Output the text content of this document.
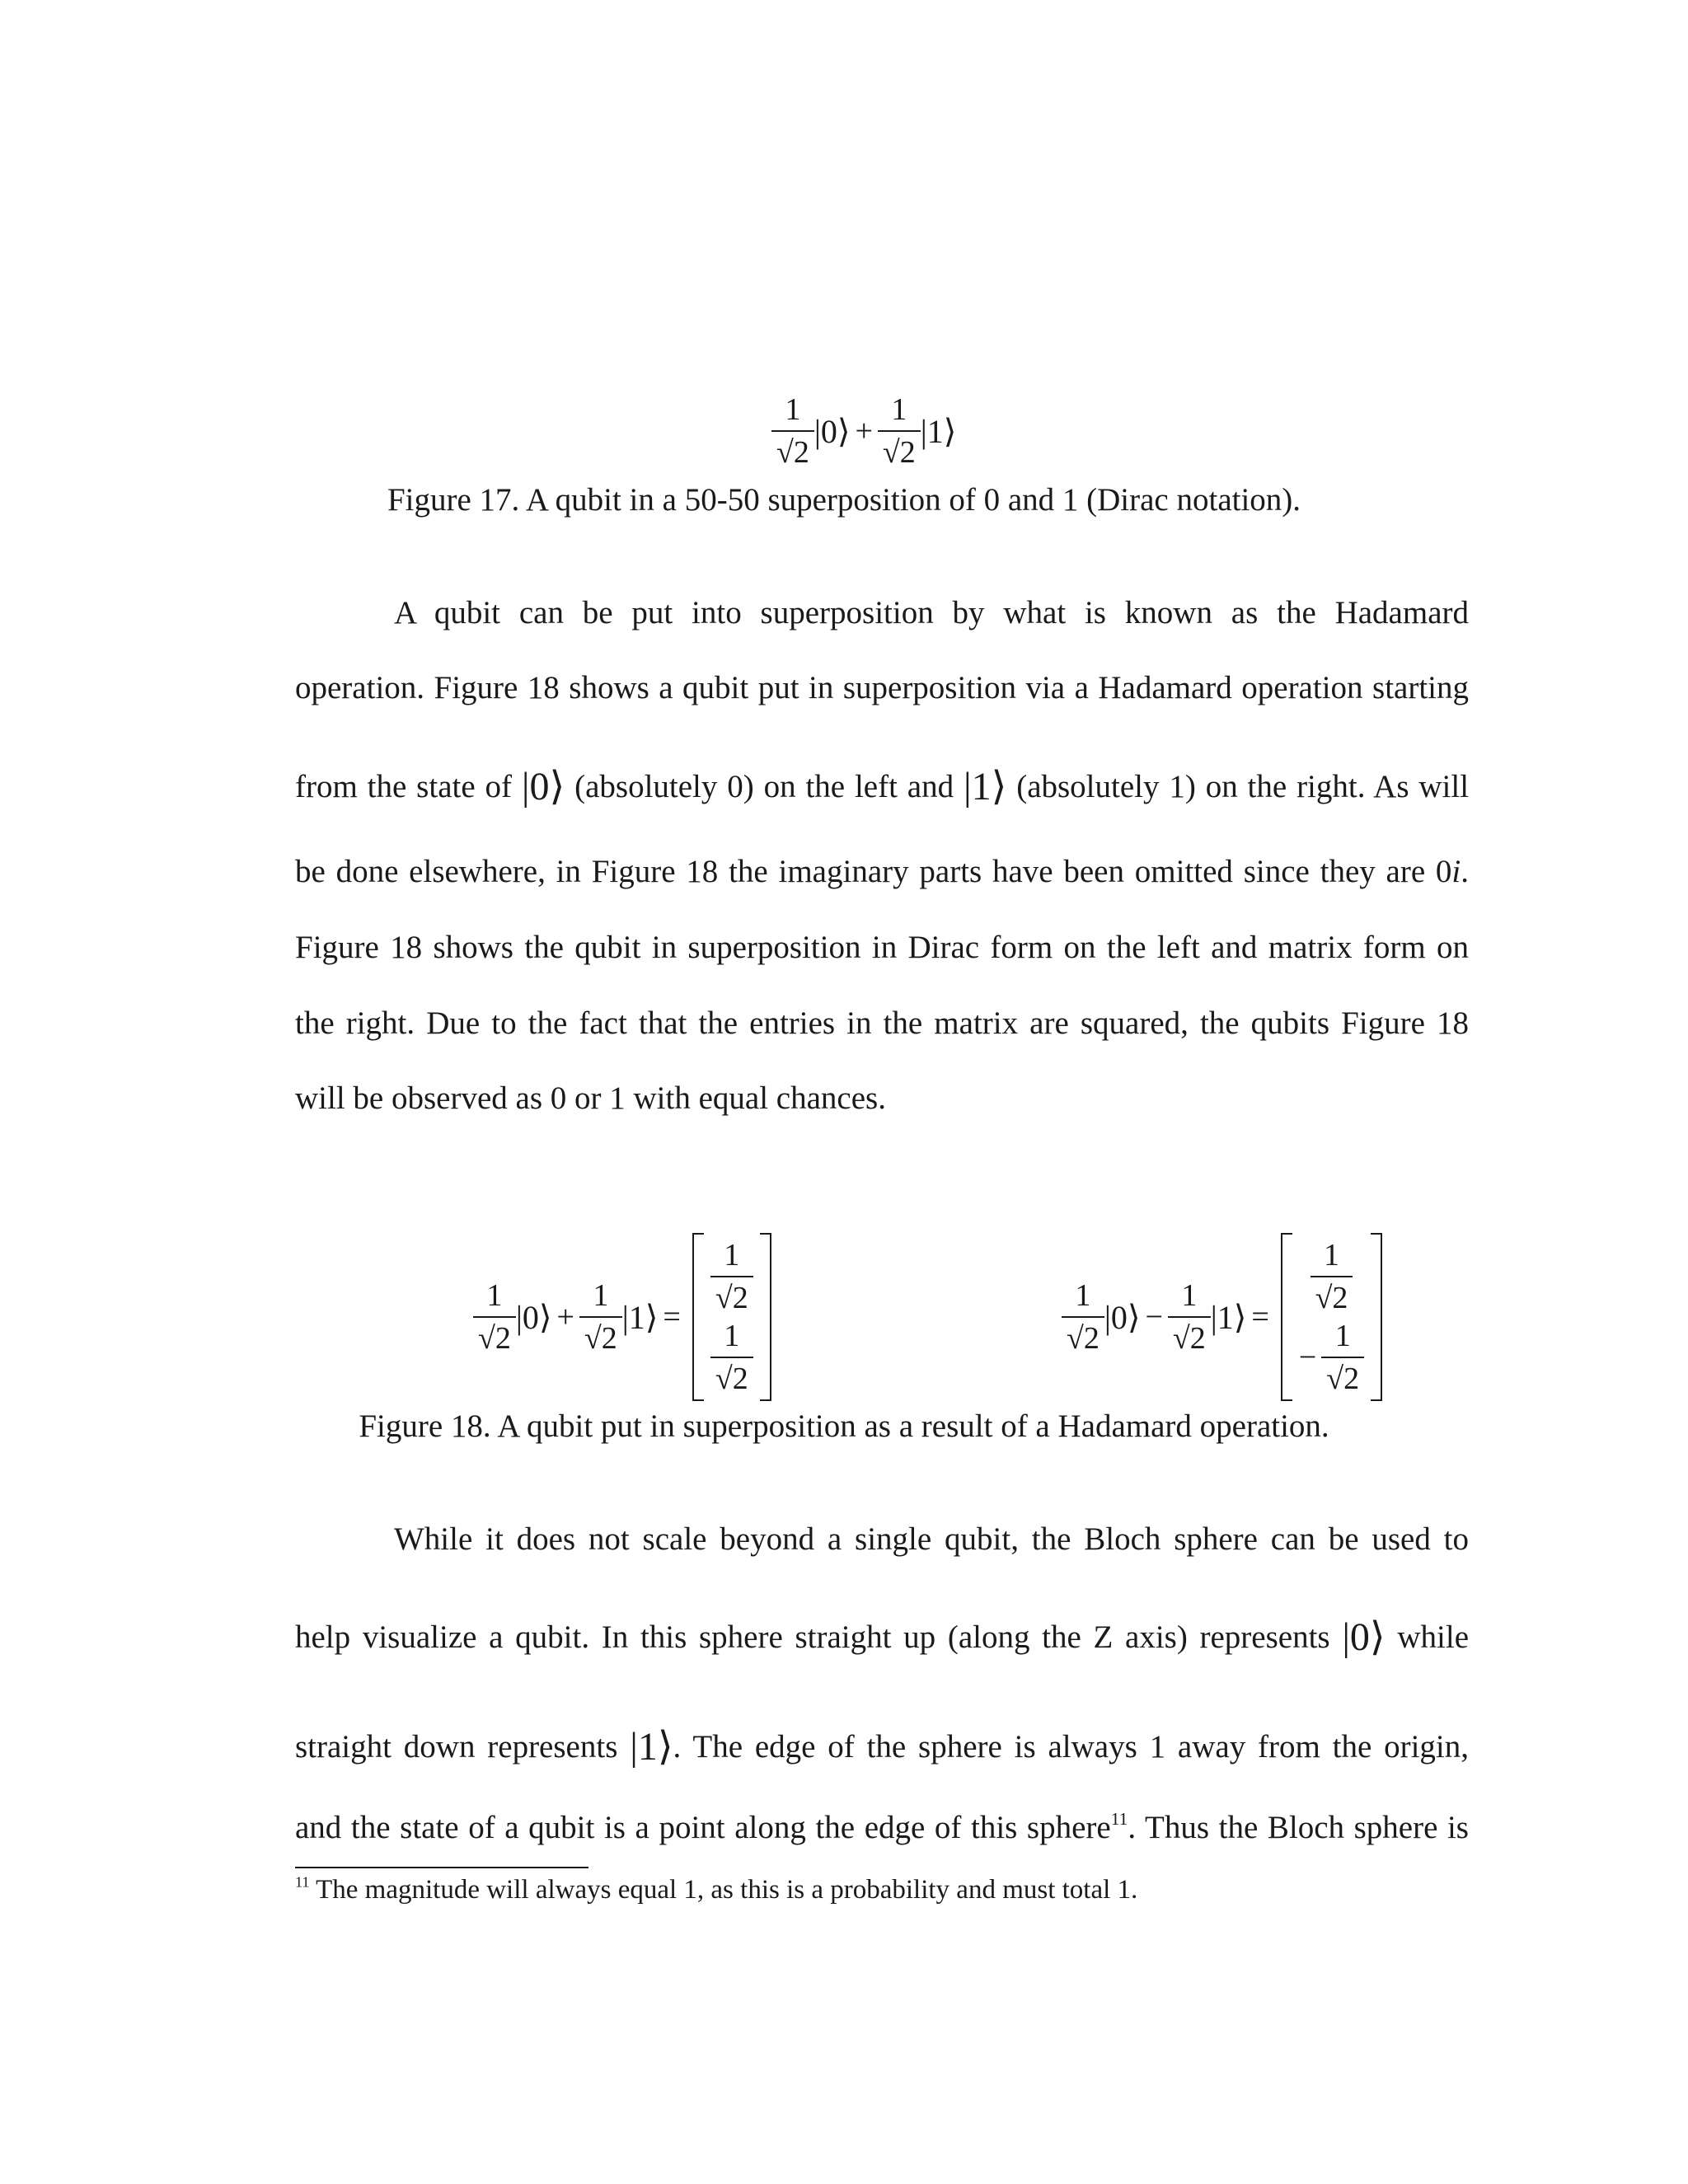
$\frac{1}{√2}$ |0⟩ + $\frac{1}{√2}$ |1⟩
Figure 17. A qubit in a 50-50 superposition of 0 and 1 (Dirac notation).
A qubit can be put into superposition by what is known as the Hadamard
operation. Figure 18 shows a qubit put in superposition via a Hadamard operation starting
from the state of |0⟩ (absolutely 0) on the left and |1⟩ (absolutely 1) on the right. As will
be done elsewhere, in Figure 18 the imaginary parts have been omitted since they are 0i.
Figure 18 shows the qubit in superposition in Dirac form on the left and matrix form on
the right. Due to the fact that the entries in the matrix are squared, the qubits Figure 18
will be observed as 0 or 1 with equal chances.
$\frac{1}{√2}$ |0⟩ + $\frac{1}{√2}$ |1⟩ =
$\frac{1}{√2}$
$\frac{1}{√2}$
$\frac{1}{√2}$ |0⟩ − $\frac{1}{√2}$ |1⟩ =
$\frac{1}{√2}$
− $\frac{1}{√2}$
Figure 18. A qubit put in superposition as a result of a Hadamard operation.
While it does not scale beyond a single qubit, the Bloch sphere can be used to
help visualize a qubit. In this sphere straight up (along the Z axis) represents |0⟩ while
straight down represents |1⟩. The edge of the sphere is always 1 away from the origin,
and the state of a qubit is a point along the edge of this sphere$^{11}$. Thus the Bloch sphere is
$^{11}$ The magnitude will always equal 1, as this is a probability and must total 1.
